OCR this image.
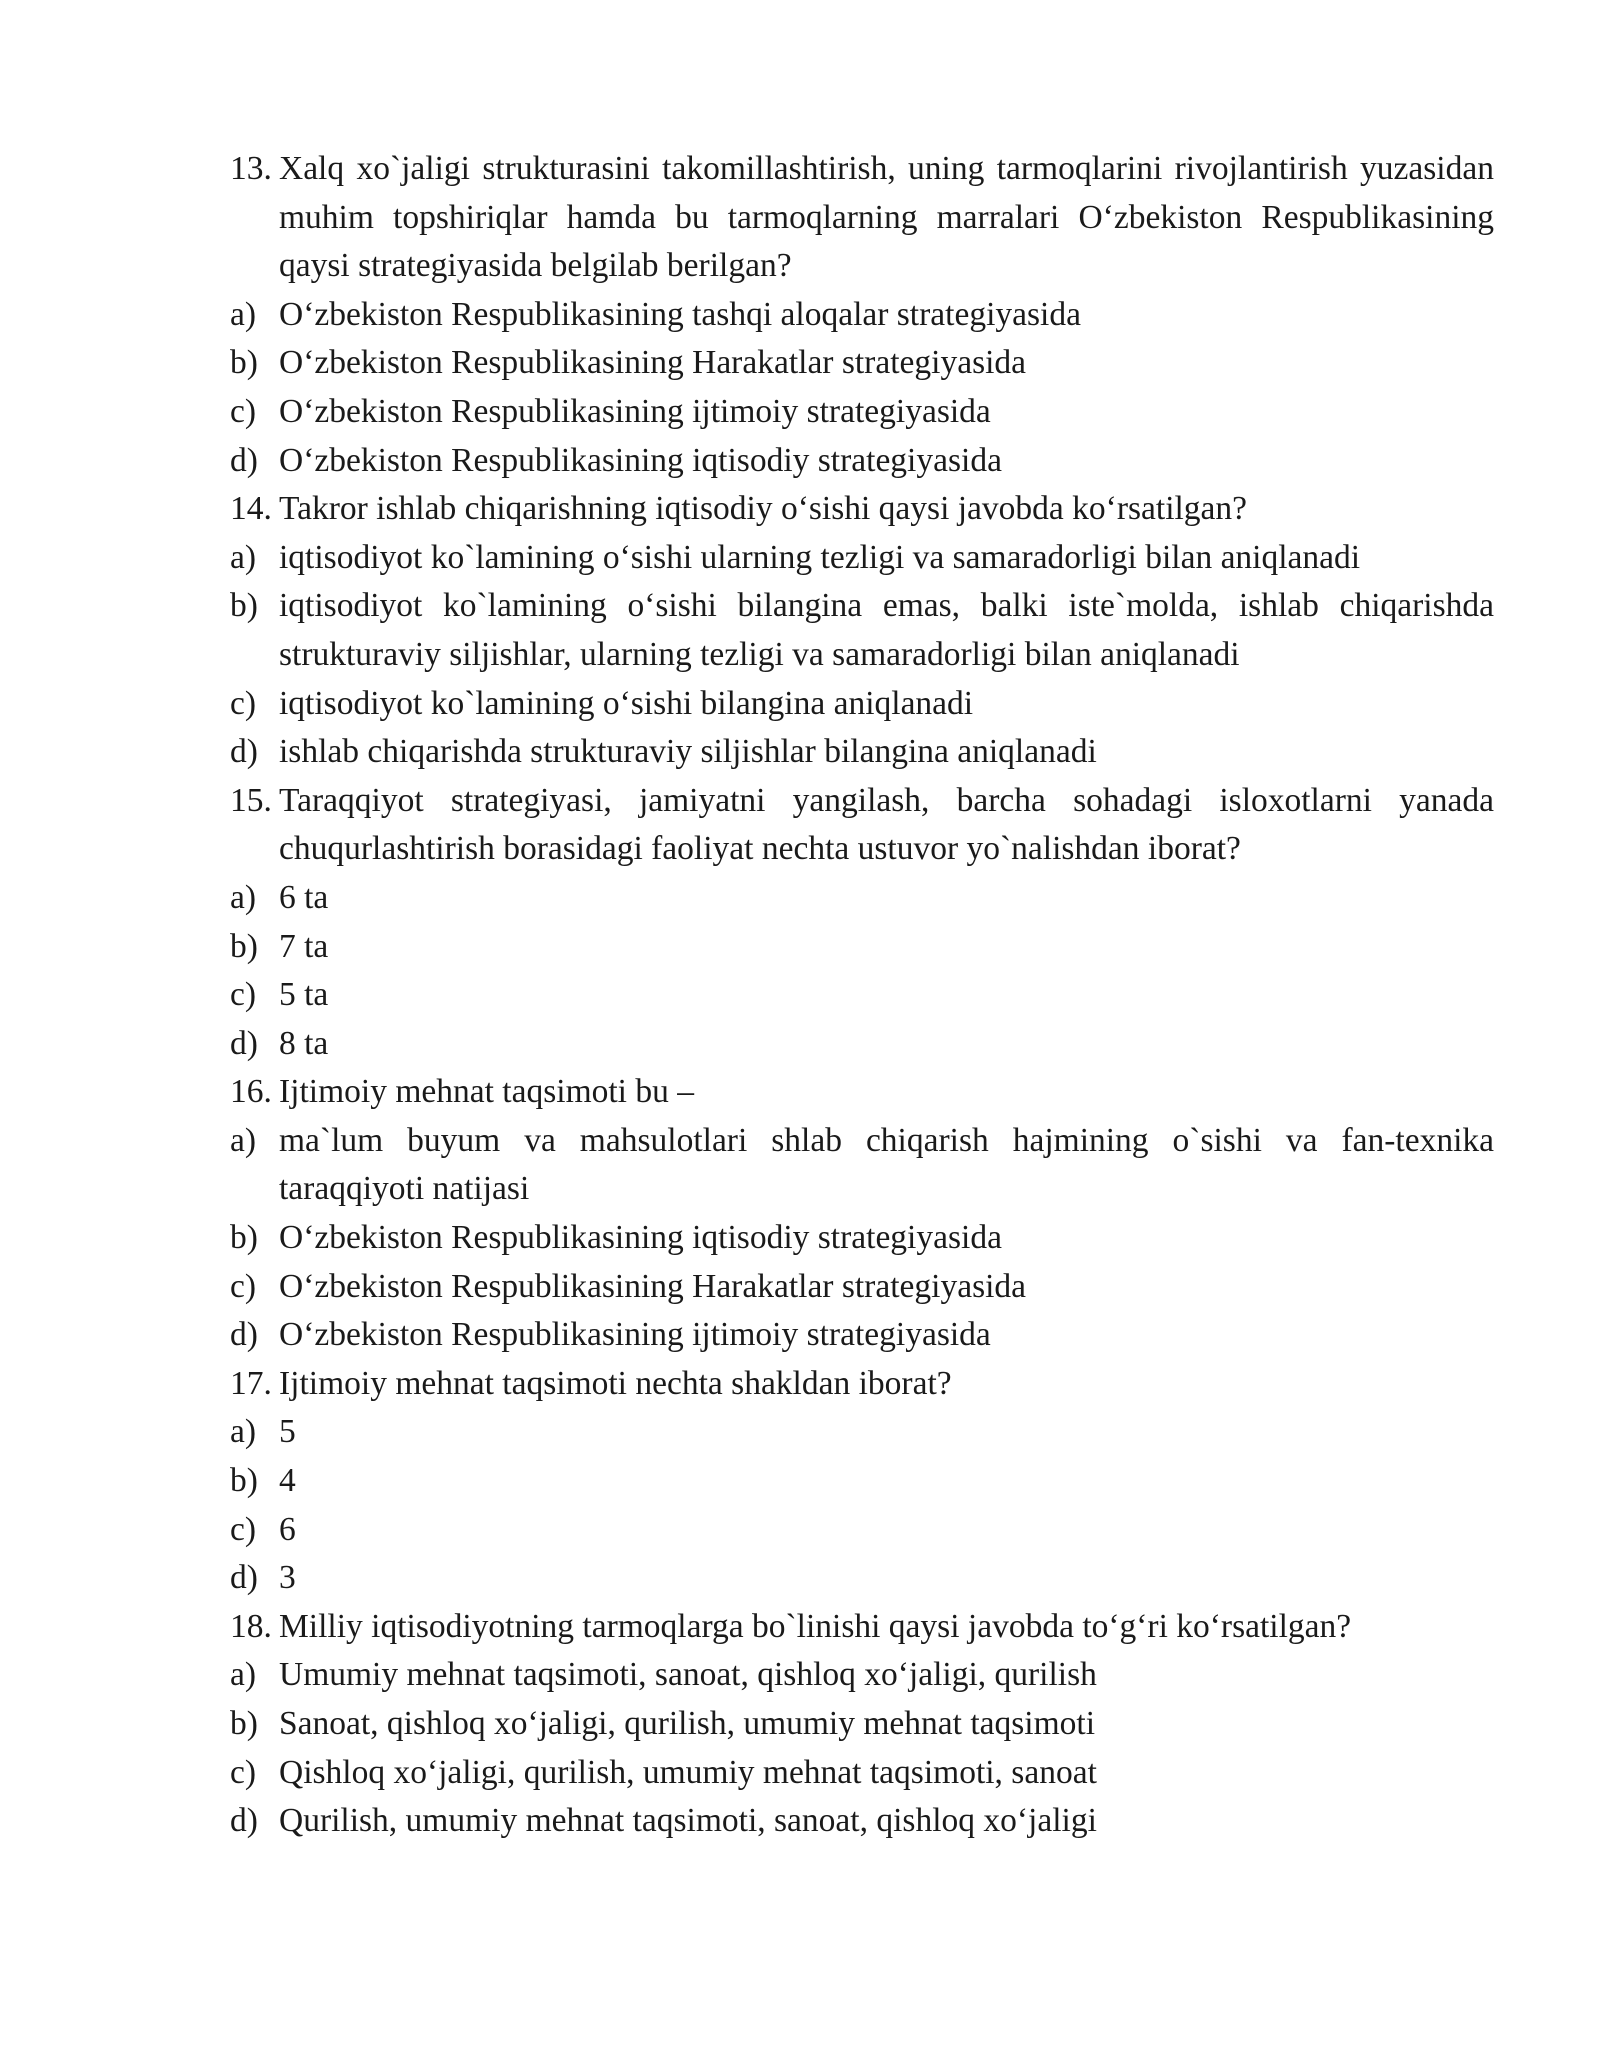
13. Xalq xo`jaligi strukturasini takomillashtirish, uning tarmoqlarini rivojlantirish yuzasidan muhim topshiriqlar hamda bu tarmoqlarning marralari O‘zbekiston Respublikasining qaysi strategiyasida belgilab berilgan?
a) O‘zbekiston Respublikasining tashqi aloqalar strategiyasida
b) O‘zbekiston Respublikasining Harakatlar strategiyasida
c) O‘zbekiston Respublikasining ijtimoiy strategiyasida
d) O‘zbekiston Respublikasining iqtisodiy strategiyasida
14. Takror ishlab chiqarishning iqtisodiy o‘sishi qaysi javobda ko‘rsatilgan?
a) iqtisodiyot ko`lamining o‘sishi ularning tezligi va samaradorligi bilan aniqlanadi
b) iqtisodiyot ko`lamining o‘sishi bilangina emas, balki iste`molda, ishlab chiqarishda strukturaviy siljishlar, ularning tezligi va samaradorligi bilan aniqlanadi
c) iqtisodiyot ko`lamining o‘sishi bilangina aniqlanadi
d) ishlab chiqarishda strukturaviy siljishlar bilangina aniqlanadi
15. Taraqqiyot strategiyasi, jamiyatni yangilash, barcha sohadagi isloxotlarni yanada chuqurlashtirish borasidagi faoliyat nechta ustuvor yo`nalishdan iborat?
a) 6 ta
b) 7 ta
c) 5 ta
d) 8 ta
16. Ijtimoiy mehnat taqsimoti bu –
a) ma`lum buyum va mahsulotlari shlab chiqarish hajmining o`sishi va fan-texnika taraqqiyoti natijasi
b) O‘zbekiston Respublikasining iqtisodiy strategiyasida
c) O‘zbekiston Respublikasining Harakatlar strategiyasida
d) O‘zbekiston Respublikasining ijtimoiy strategiyasida
17. Ijtimoiy mehnat taqsimoti nechta shakldan iborat?
a) 5
b) 4
c) 6
d) 3
18. Milliy iqtisodiyotning tarmoqlarga bo`linishi qaysi javobda to‘g‘ri ko‘rsatilgan?
a) Umumiy mehnat taqsimoti, sanoat, qishloq xo‘jaligi, qurilish
b) Sanoat, qishloq xo‘jaligi, qurilish, umumiy mehnat taqsimoti
c) Qishloq xo‘jaligi, qurilish, umumiy mehnat taqsimoti, sanoat
d) Qurilish, umumiy mehnat taqsimoti, sanoat, qishloq xo‘jaligi
